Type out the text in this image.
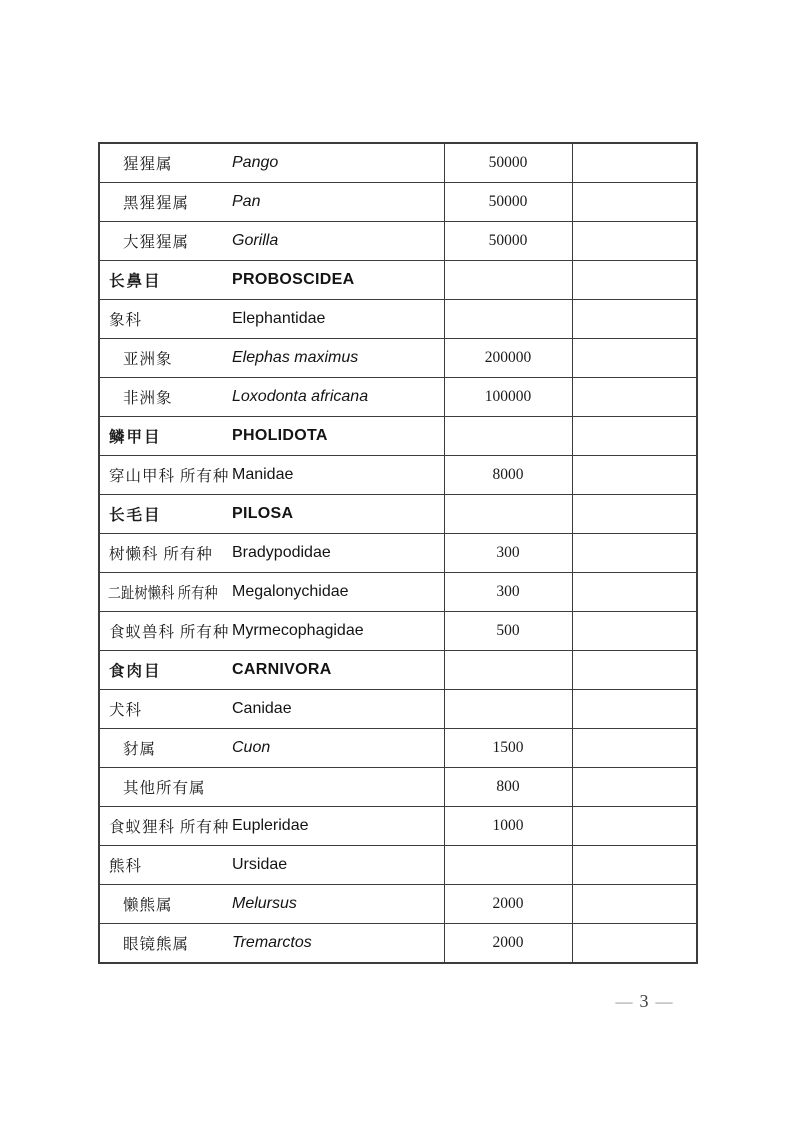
猩猩属 Pango	50000	

黑猩猩属 Pan	50000	

大猩猩属 Gorilla	50000	

长鼻目 PROBOSCIDEA		

象科 Elephantidae		

亚洲象 Elephas maximus	200000	

非洲象 Loxodonta africana	100000	

鳞甲目 PHOLIDOTA		

穿山甲科 所有种 Manidae	8000	

长毛目 PILOSA		

树懒科 所有种 Bradypodidae	300	

二趾树懒科 所有种 Megalonychidae	300	

食蚁兽科 所有种 Myrmecophagidae	500	

食肉目 CARNIVORA		

犬科 Canidae		

豺属 Cuon	1500	

其他所有属	800	

食蚁狸科 所有种 Eupleridae	1000	

熊科 Ursidae		

懒熊属 Melursus	2000	

眼镜熊属 Tremarctos	2000	
— 3 —
